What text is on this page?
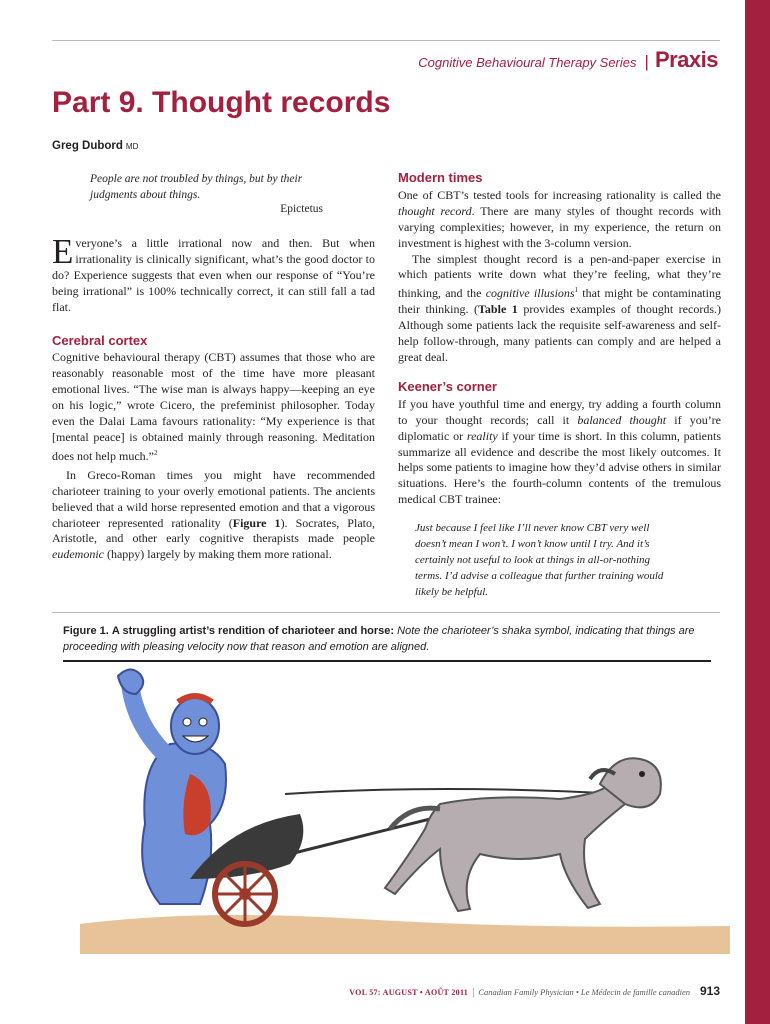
Cognitive Behavioural Therapy Series | Praxis
Part 9. Thought records
Greg Dubord MD
People are not troubled by things, but by their judgments about things.
Epictetus

Everyone’s a little irrational now and then. But when irrationality is clinically significant, what’s the good doctor to do? Experience suggests that even when our response of “You’re being irrational” is 100% technically correct, it can still fall a tad flat.

Cerebral cortex

Cognitive behavioural therapy (CBT) assumes that those who are reasonably reasonable most of the time have more pleasant emotional lives. “The wise man is always happy—keeping an eye on his logic,” wrote Cicero, the prefeminist philosopher. Today even the Dalai Lama favours rationality: “My experience is that [mental peace] is obtained mainly through reasoning. Meditation does not help much.”$^2$

In Greco-Roman times you might have recommended charioteer training to your overly emotional patients. The ancients believed that a wild horse represented emotion and that a vigorous charioteer represented rationality (Figure 1). Socrates, Plato, Aristotle, and other early cognitive therapists made people eudemonic (happy) largely by making them more rational.

Modern times

One of CBT’s tested tools for increasing rationality is called the thought record. There are many styles of thought records with varying complexities; however, in my experience, the return on investment is highest with the 3-column version.

The simplest thought record is a pen-and-paper exercise in which patients write down what they’re feeling, what they’re thinking, and the cognitive illusions$^1$ that might be contaminating their thinking. (Table 1 provides examples of thought records.) Although some patients lack the requisite self-awareness and self-help follow-through, many patients can comply and are helped a great deal.

Keener’s corner

If you have youthful time and energy, try adding a fourth column to your thought records; call it balanced thought if you’re diplomatic or reality if your time is short. In this column, patients summarize all evidence and describe the most likely outcomes. It helps some patients to imagine how they’d advise others in similar situations. Here’s the fourth-column contents of the tremulous medical CBT trainee:

Just because I feel like I’ll never know CBT very well doesn’t mean I won’t. I won’t know until I try. And it’s certainly not useful to look at things in all-or-nothing terms. I’d advise a colleague that further training would likely be helpful.

Figure 1. A struggling artist’s rendition of charioteer and horse: Note the charioteer’s shaka symbol, indicating that things are proceeding with pleasing velocity now that reason and emotion are aligned.
VOL 57: AUGUST • AOÛT 2011 | Canadian Family Physician • Le Médecin de famille canadien 913
